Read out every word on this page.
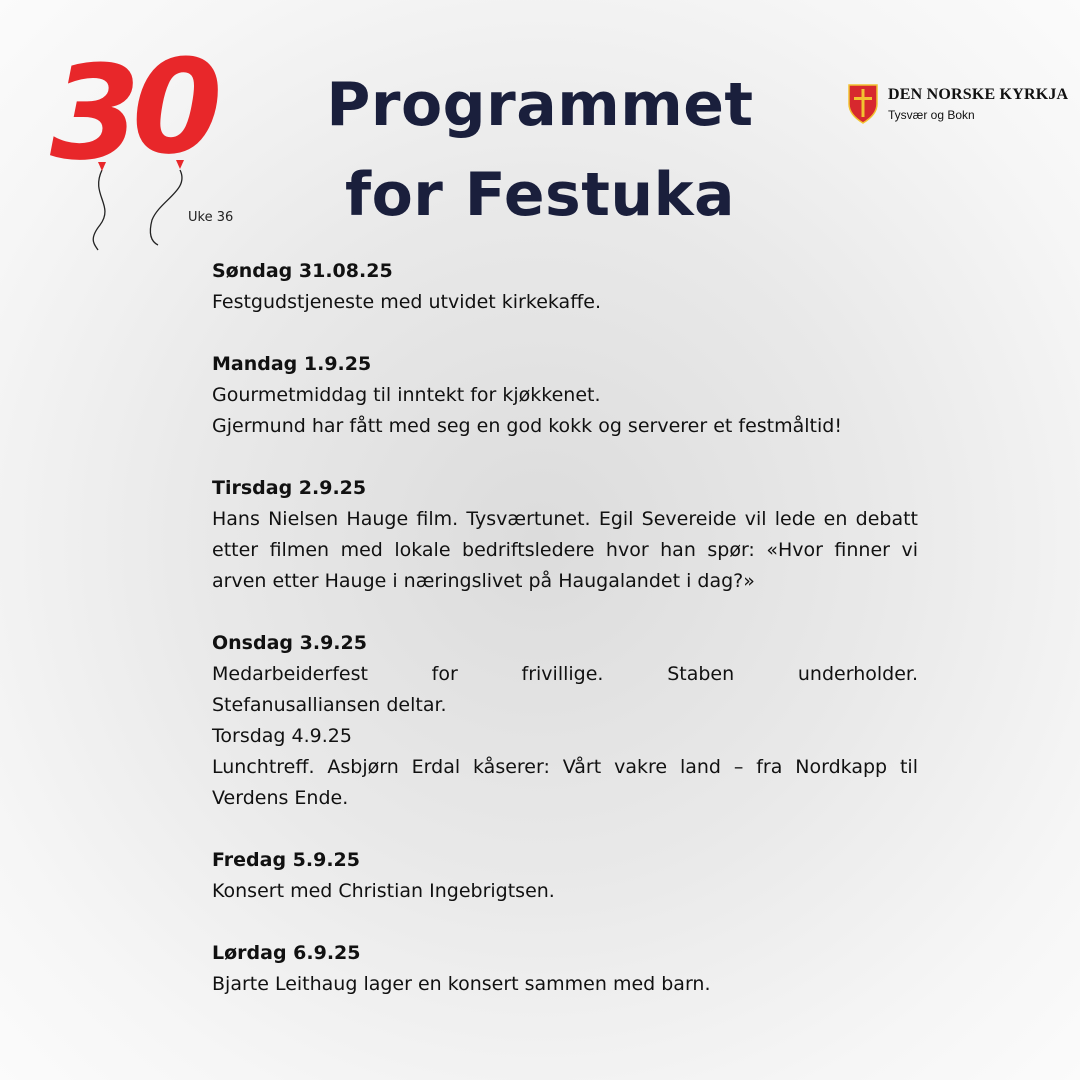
3
0
Uke 36
Programmet
for Festuka
DEN NORSKE KYRKJA
Tysvær og Bokn
Søndag 31.08.25
Festgudstjeneste med utvidet kirkekaffe.
Mandag 1.9.25
Gourmetmiddag til inntekt for kjøkkenet.
Gjermund har fått med seg en god kokk og serverer et festmåltid!
Tirsdag 2.9.25
Hans Nielsen Hauge film. Tysværtunet. Egil Severeide vil lede en debatt etter filmen med lokale bedriftsledere hvor han spør: «Hvor finner vi arven etter Hauge i næringslivet på Haugalandet i dag?»
Onsdag 3.9.25
Medarbeiderfest for frivillige. Staben underholder.
Stefanusalliansen deltar.
Torsdag 4.9.25
Lunchtreff. Asbjørn Erdal kåserer: Vårt vakre land – fra Nordkapp til Verdens Ende.
Fredag 5.9.25
Konsert med Christian Ingebrigtsen.
Lørdag 6.9.25
Bjarte Leithaug lager en konsert sammen med barn.
